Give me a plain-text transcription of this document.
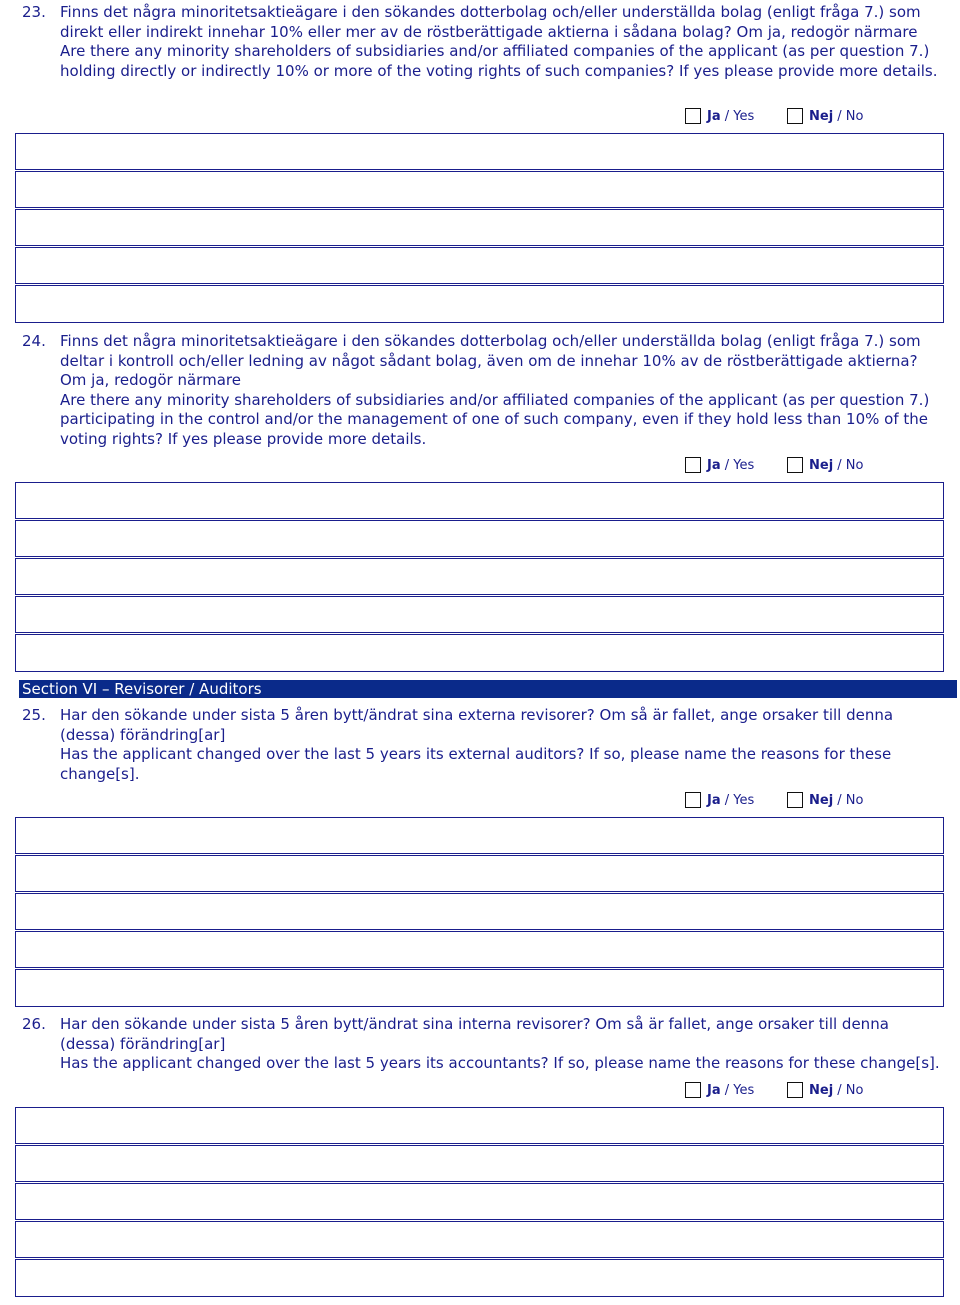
23. Finns det några minoritetsaktieägare i den sökandes dotterbolag och/eller underställda bolag (enligt fråga 7.) som direkt eller indirekt innehar 10% eller mer av de röstberättigade aktierna i sådana bolag? Om ja, redogör närmare
Are there any minority shareholders of subsidiaries and/or affiliated companies of the applicant (as per question 7.) holding directly or indirectly 10% or more of the voting rights of such companies? If yes please provide more details.
Ja / Yes	Nej / No
24. Finns det några minoritetsaktieägare i den sökandes dotterbolag och/eller underställda bolag (enligt fråga 7.) som deltar i kontroll och/eller ledning av något sådant bolag, även om de innehar 10% av de röstberättigade aktierna? Om ja, redogör närmare
Are there any minority shareholders of subsidiaries and/or affiliated companies of the applicant (as per question 7.) participating in the control and/or the management of one of such company, even if they hold less than 10% of the voting rights? If yes please provide more details.
Ja / Yes	Nej / No
Section VI – Revisorer / Auditors
25. Har den sökande under sista 5 åren bytt/ändrat sina externa revisorer? Om så är fallet, ange orsaker till denna (dessa) förändring[ar]
Has the applicant changed over the last 5 years its external auditors? If so, please name the reasons for these change[s].
Ja / Yes	Nej / No
26. Har den sökande under sista 5 åren bytt/ändrat sina interna revisorer? Om så är fallet, ange orsaker till denna (dessa) förändring[ar]
Has the applicant changed over the last 5 years its accountants? If so, please name the reasons for these change[s].
Ja / Yes	Nej / No
